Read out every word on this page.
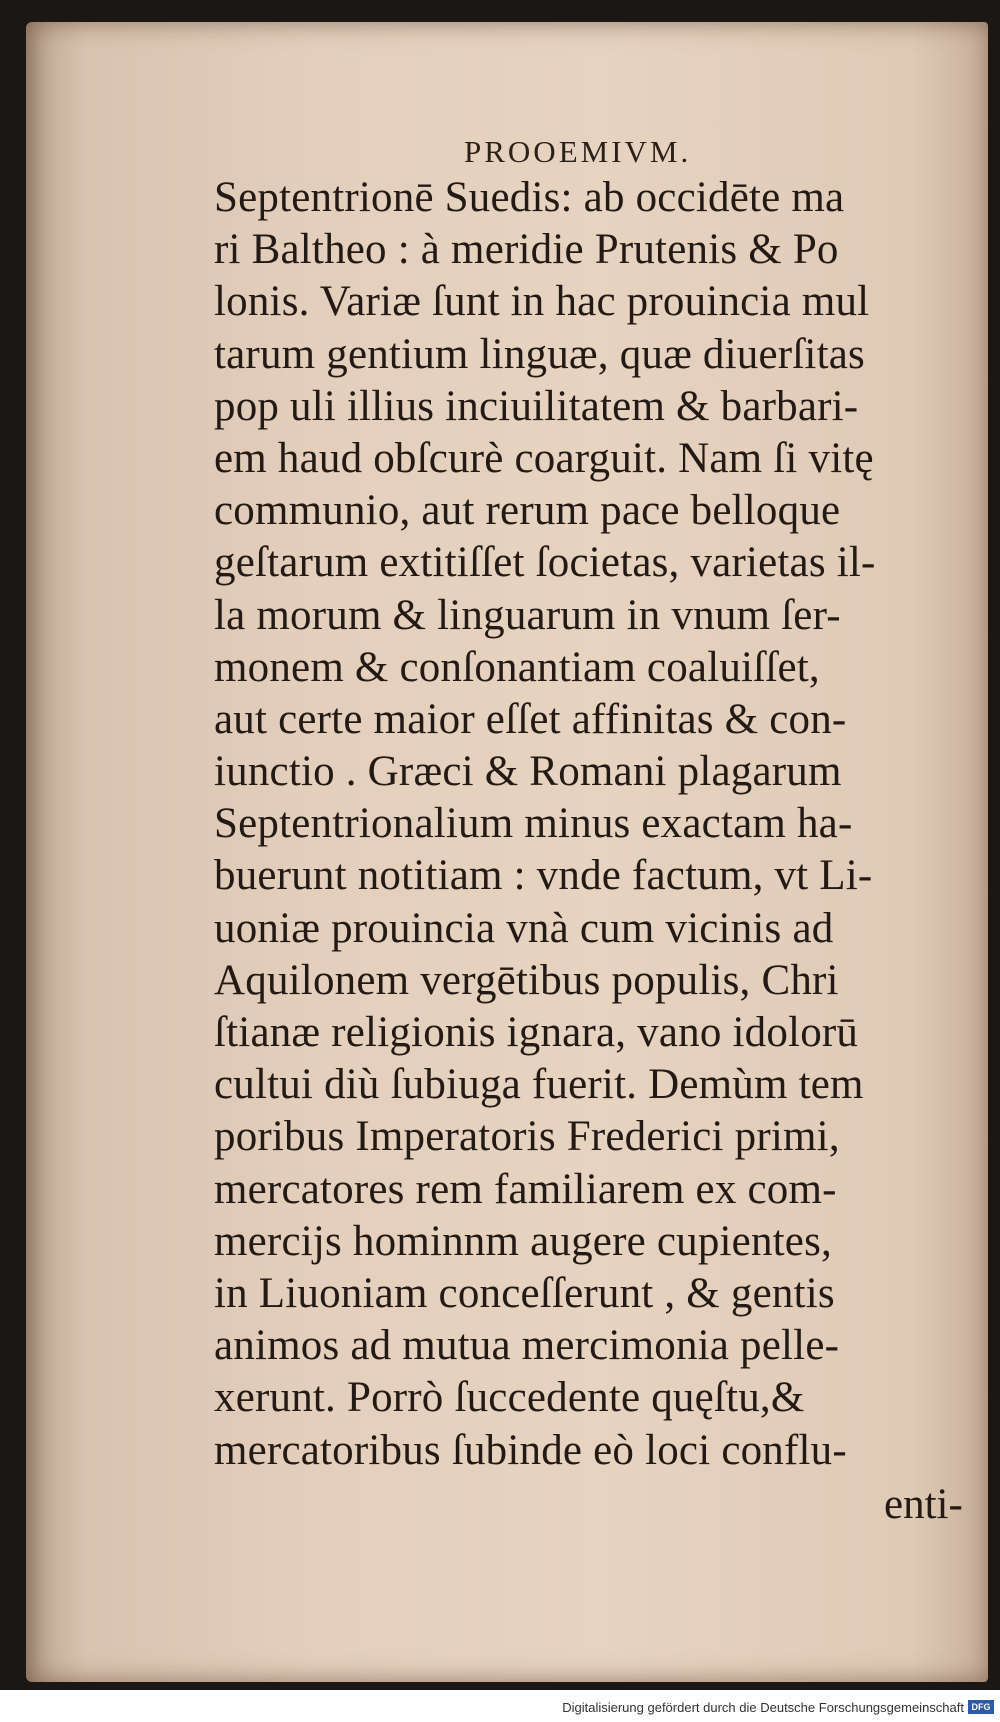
PROOEMIVM.
Septentrionē Suedis: ab occidēte ma
ri Baltheo : à meridie Prutenis & Po
lonis. Variæ ſunt in hac prouincia mul
tarum gentium linguæ, quæ diuerſitas
pop uli illius inciuilitatem & barbari-
em haud obſcurè coarguit. Nam ſi vitę
communio, aut rerum pace belloque
geſtarum extitiſſet ſocietas, varietas il-
la morum & linguarum in vnum ſer-
monem & conſonantiam coaluiſſet,
aut certe maior eſſet affinitas & con-
iunctio . Græci & Romani plagarum
Septentrionalium minus exactam ha-
buerunt notitiam : vnde factum, vt Li-
uoniæ prouincia vnà cum vicinis ad
Aquilonem vergētibus populis, Chri
ſtianæ religionis ignara, vano idolorū
cultui diù ſubiuga fuerit. Demùm tem
poribus Imperatoris Frederici primi,
mercatores rem familiarem ex com-
mercijs hominnm augere cupientes,
in Liuoniam conceſſerunt , & gentis
animos ad mutua mercimonia pelle-
xerunt. Porrò ſuccedente quęſtu,&
mercatoribus ſubinde eò loci conflu-
enti-
Digitalisierung gefördert durch die Deutsche Forschungsgemeinschaft DFG
